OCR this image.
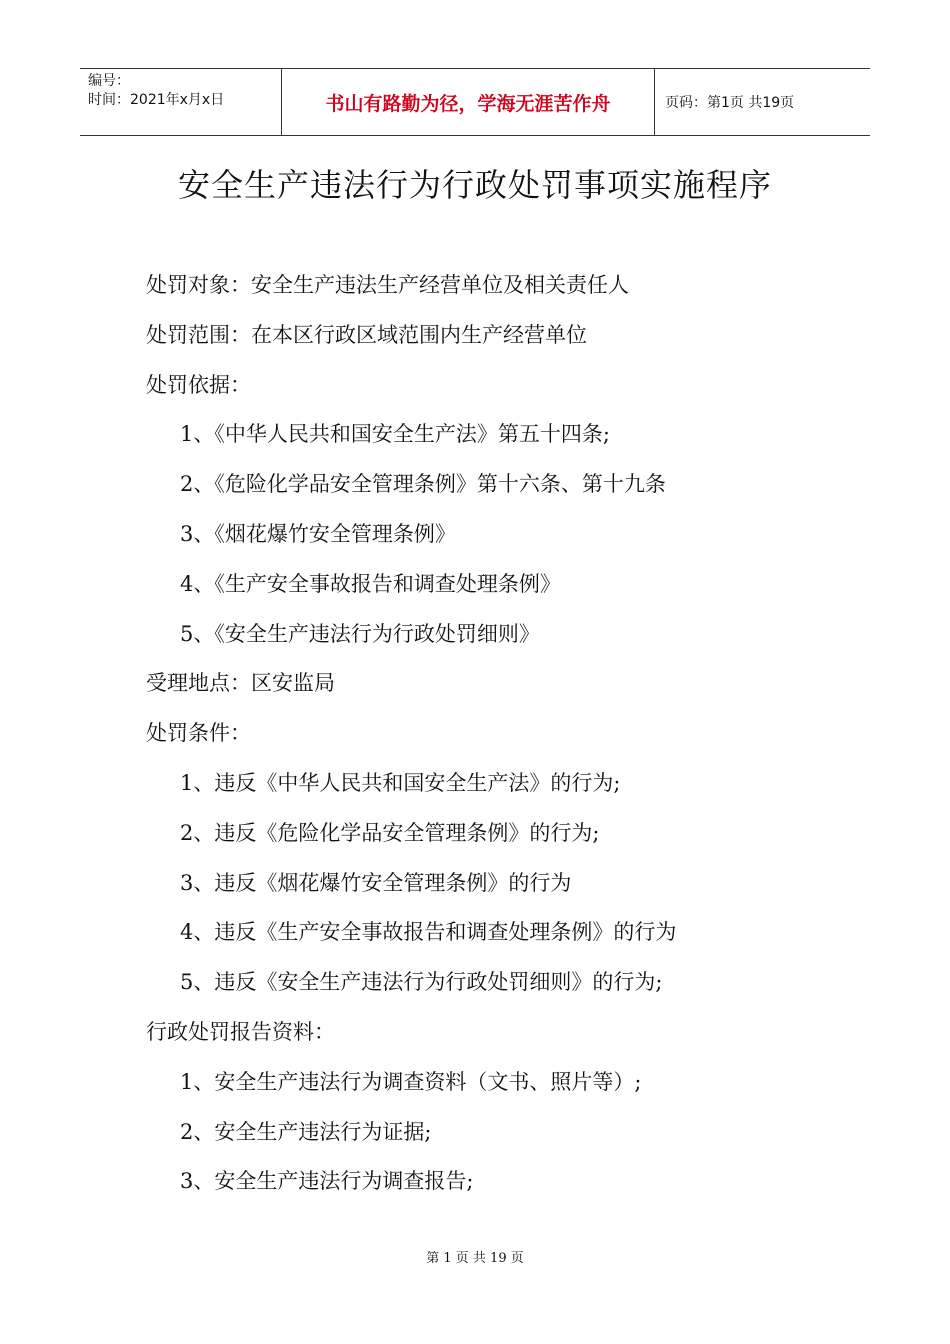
编号：
时间：2021年x月x日	书山有路勤为径，学海无涯苦作舟	页码：第1页 共19页
安全生产违法行为行政处罚事项实施程序
处罚对象：安全生产违法生产经营单位及相关责任人
处罚范围：在本区行政区域范围内生产经营单位
处罚依据：
1、《中华人民共和国安全生产法》第五十四条;
2、《危险化学品安全管理条例》第十六条、第十九条
3、《烟花爆竹安全管理条例》
4、《生产安全事故报告和调查处理条例》
5、《安全生产违法行为行政处罚细则》
受理地点：区安监局
处罚条件：
1、违反《中华人民共和国安全生产法》的行为;
2、违反《危险化学品安全管理条例》的行为;
3、违反《烟花爆竹安全管理条例》的行为
4、违反《生产安全事故报告和调查处理条例》的行为
5、违反《安全生产违法行为行政处罚细则》的行为;
行政处罚报告资料：
1、安全生产违法行为调查资料（文书、照片等）;
2、安全生产违法行为证据;
3、安全生产违法行为调查报告;
第 1 页 共 19 页
